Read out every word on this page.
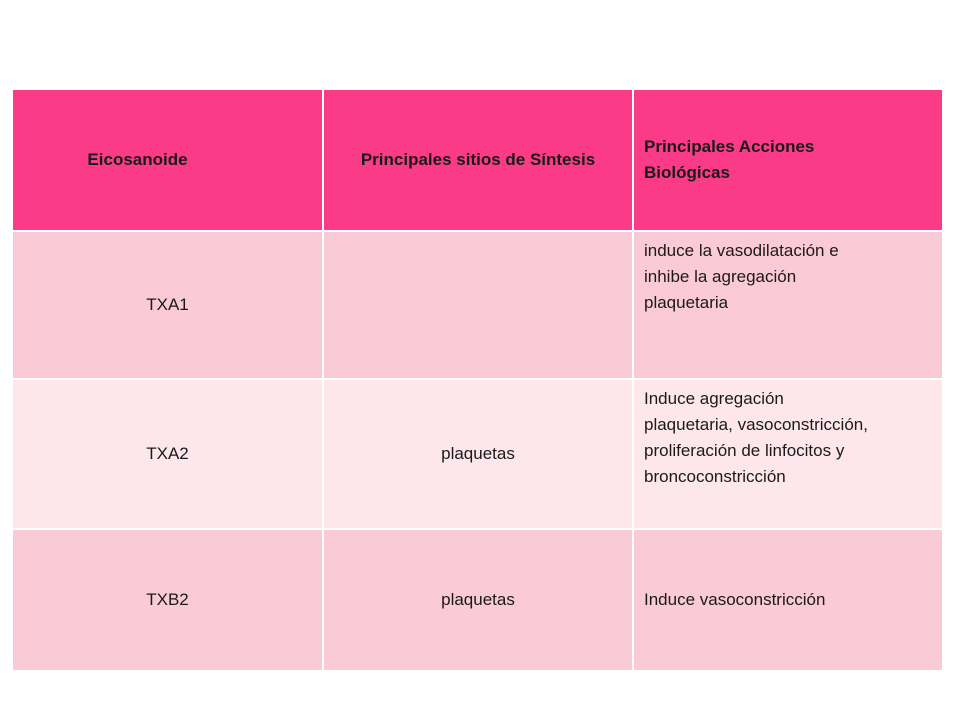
Eicosanoide	Principales sitios de Síntesis	Principales Acciones
Biológicas

TXA1		induce la vasodilatación e
inhibe la agregación
plaquetaria

TXA2	plaquetas	Induce agregación
plaquetaria, vasoconstricción,
proliferación de linfocitos y
broncoconstricción

TXB2	plaquetas	Induce vasoconstricción
